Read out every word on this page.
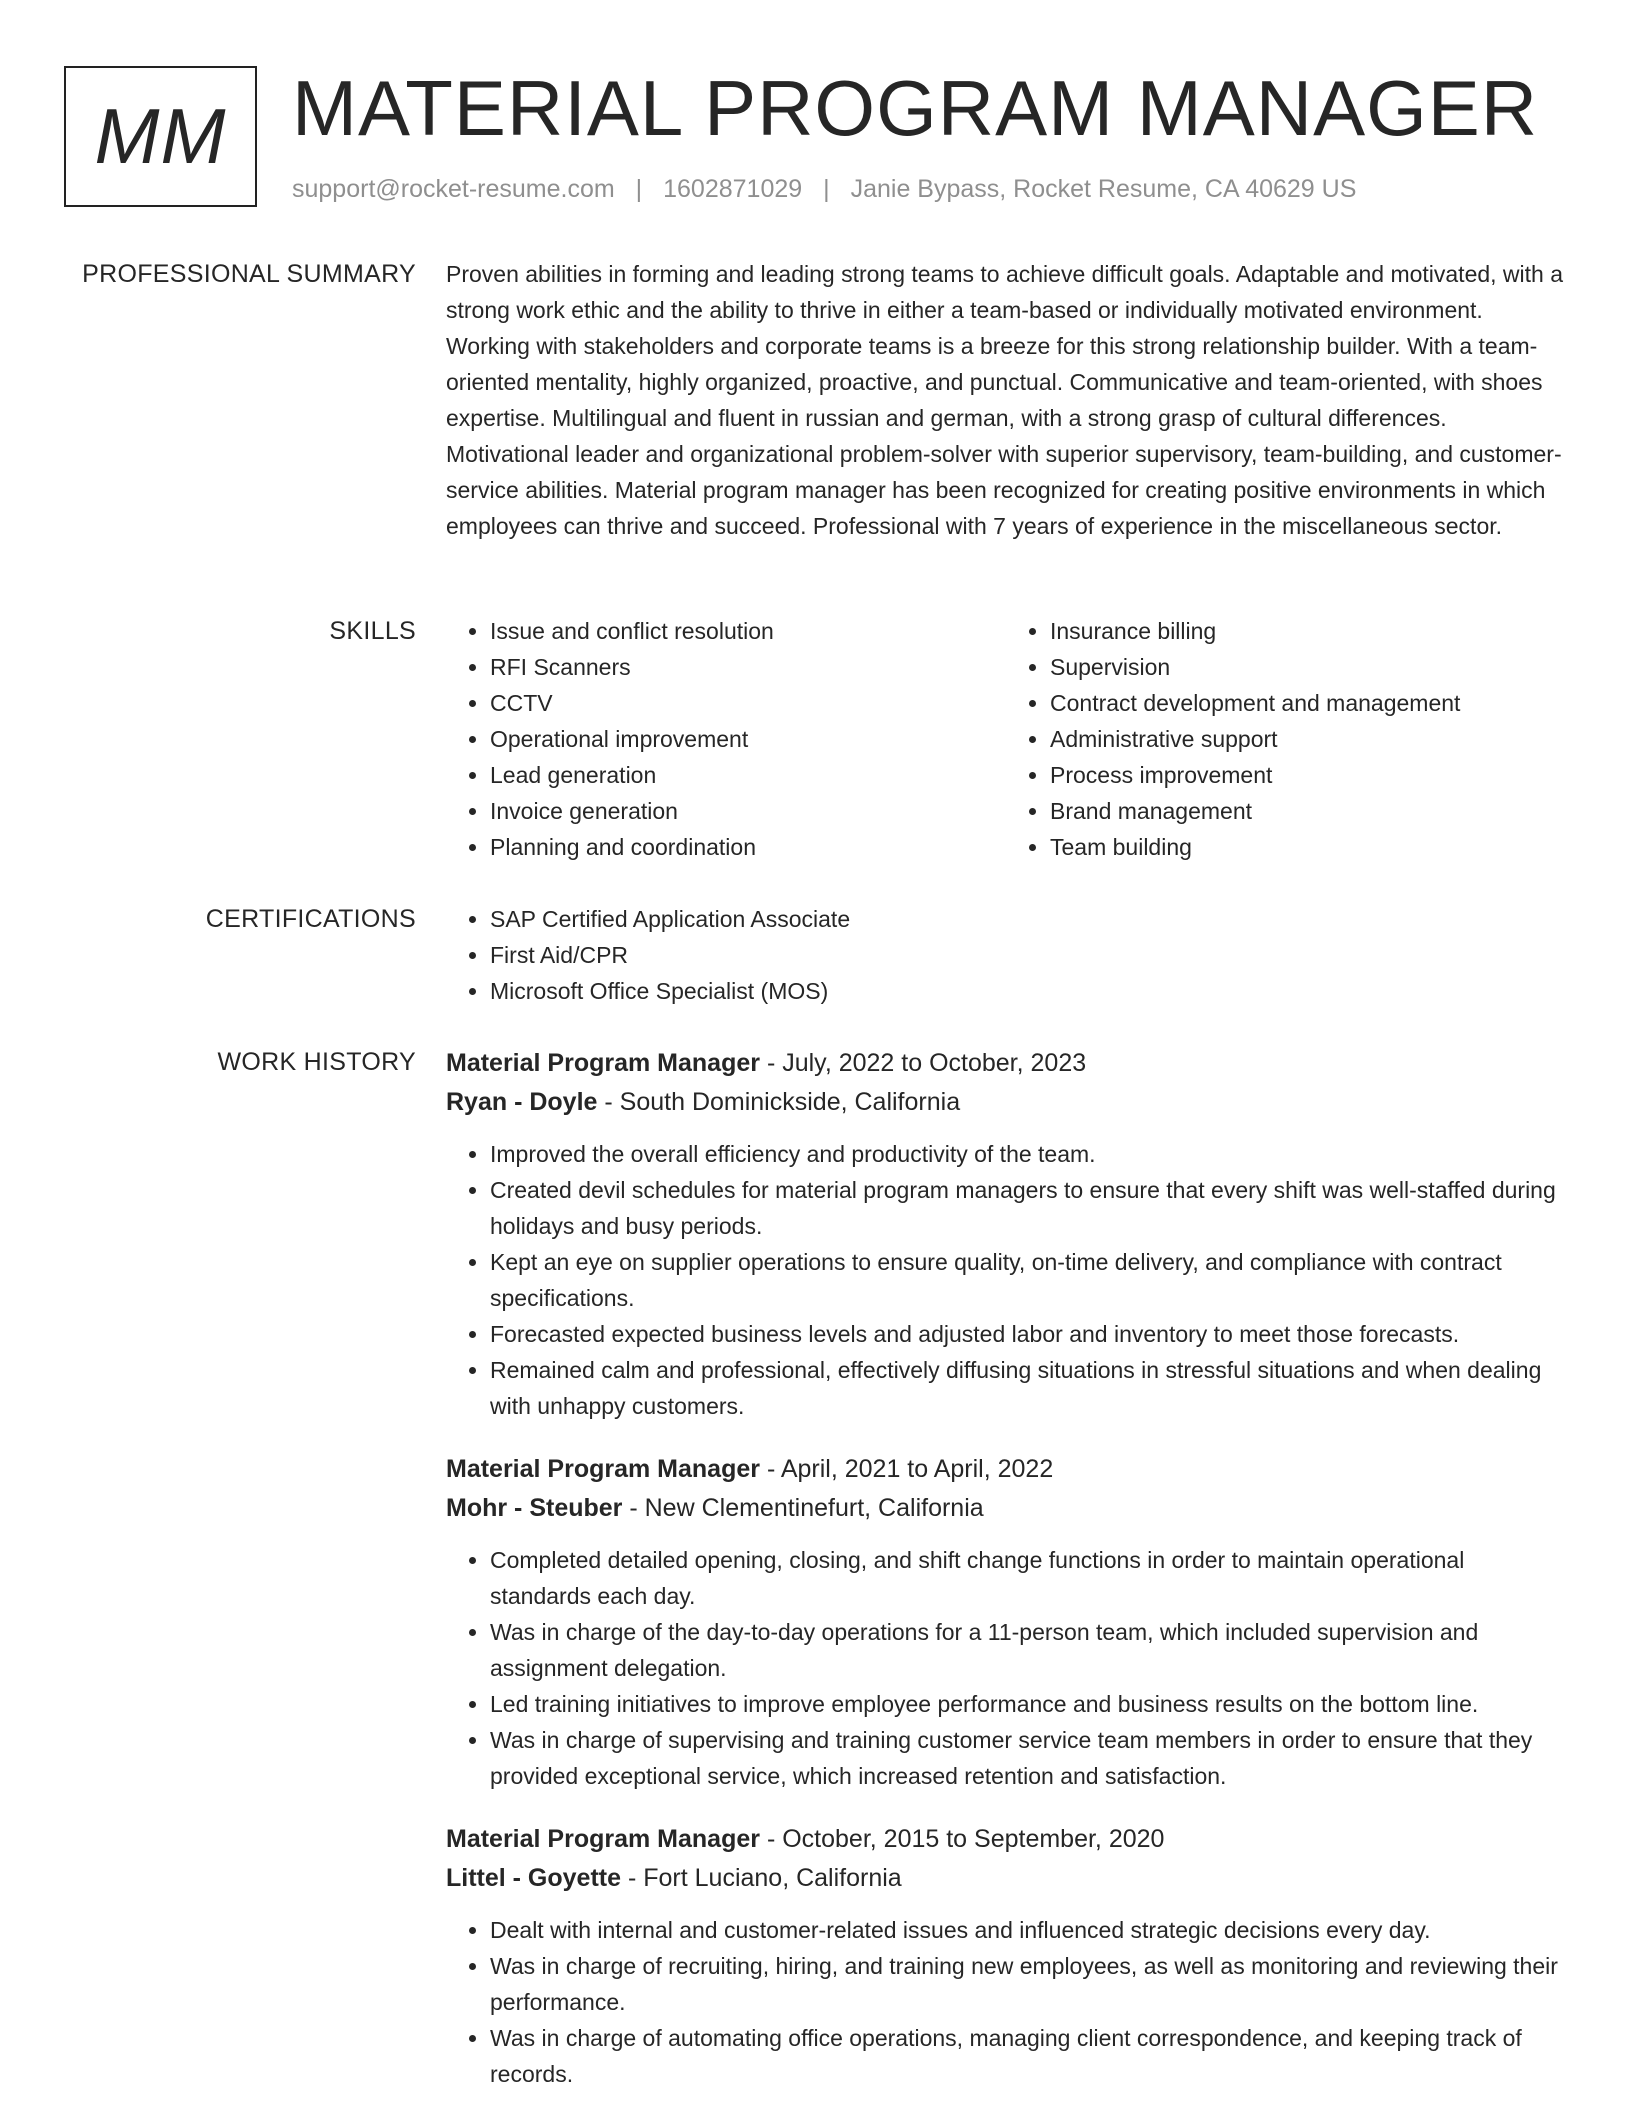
MM MATERIAL PROGRAM MANAGER
support@rocket-resume.com | 1602871029 | Janie Bypass, Rocket Resume, CA 40629 US
PROFESSIONAL SUMMARY Proven abilities in forming and leading strong teams to achieve difficult goals. Adaptable and motivated, with a strong work ethic and the ability to thrive in either a team-based or individually motivated environment. Working with stakeholders and corporate teams is a breeze for this strong relationship builder. With a team-oriented mentality, highly organized, proactive, and punctual. Communicative and team-oriented, with shoes expertise. Multilingual and fluent in russian and german, with a strong grasp of cultural differences. Motivational leader and organizational problem-solver with superior supervisory, team-building, and customer-service abilities. Material program manager has been recognized for creating positive environments in which employees can thrive and succeed. Professional with 7 years of experience in the miscellaneous sector.

SKILLS	• Issue and conflict resolution
• RFI Scanners
• CCTV
• Operational improvement
• Lead generation
• Invoice generation
• Planning and coordination
• Insurance billing
• Supervision
• Contract development and management
• Administrative support
• Process improvement
• Brand management
• Team building
CERTIFICATIONS	• SAP Certified Application Associate
• First Aid/CPR
• Microsoft Office Specialist (MOS)
WORK HISTORY Material Program Manager - July, 2022 to October, 2023
Ryan - Doyle - South Dominickside, California
• Improved the overall efficiency and productivity of the team.
• Created devil schedules for material program managers to ensure that every shift was well-staffed during holidays and busy periods.
• Kept an eye on supplier operations to ensure quality, on-time delivery, and compliance with contract specifications.
• Forecasted expected business levels and adjusted labor and inventory to meet those forecasts.
• Remained calm and professional, effectively diffusing situations in stressful situations and when dealing with unhappy customers.
Material Program Manager - April, 2021 to April, 2022
Mohr - Steuber - New Clementinefurt, California
• Completed detailed opening, closing, and shift change functions in order to maintain operational standards each day.
• Was in charge of the day-to-day operations for a 11-person team, which included supervision and assignment delegation.
• Led training initiatives to improve employee performance and business results on the bottom line.
• Was in charge of supervising and training customer service team members in order to ensure that they provided exceptional service, which increased retention and satisfaction.
Material Program Manager - October, 2015 to September, 2020
Littel - Goyette - Fort Luciano, California
• Dealt with internal and customer-related issues and influenced strategic decisions every day.
• Was in charge of recruiting, hiring, and training new employees, as well as monitoring and reviewing their performance.
• Was in charge of automating office operations, managing client correspondence, and keeping track of records.
